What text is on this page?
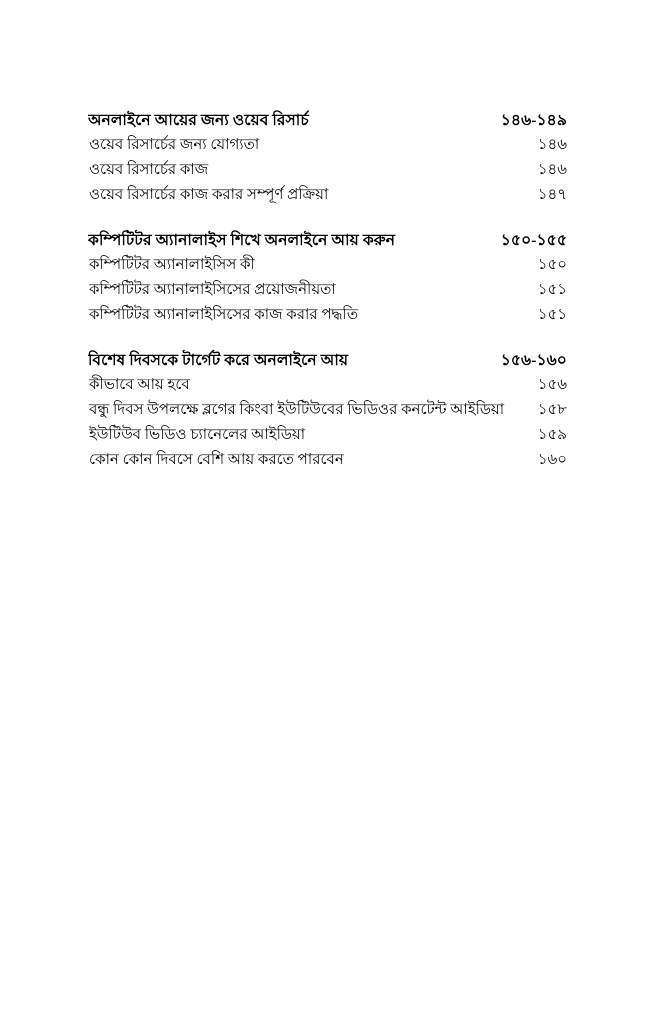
অনলাইনে আয়ের জন্য ওয়েব রিসার্চ	১৪৬-১৪৯
ওয়েব রিসার্চের জন্য যোগ্যতা	১৪৬
ওয়েব রিসার্চের কাজ	১৪৬
ওয়েব রিসার্চের কাজ করার সম্পূর্ণ প্রক্রিয়া	১৪৭
কম্পিটিটর অ্যানালাইস শিখে অনলাইনে আয় করুন	১৫০-১৫৫
কম্পিটিটর অ্যানালাইসিস কী	১৫০
কম্পিটিটর অ্যানালাইসিসের প্রয়োজনীয়তা	১৫১
কম্পিটিটর অ্যানালাইসিসের কাজ করার পদ্ধতি	১৫১
বিশেষ দিবসকে টার্গেট করে অনলাইনে আয়	১৫৬-১৬০
কীভাবে আয় হবে	১৫৬
বন্ধু দিবস উপলক্ষে ব্লগের কিংবা ইউটিউবের ভিডিওর কনটেন্ট আইডিয়া	১৫৮
ইউটিউব ভিডিও চ্যানেলের আইডিয়া	১৫৯
কোন কোন দিবসে বেশি আয় করতে পারবেন	১৬০
